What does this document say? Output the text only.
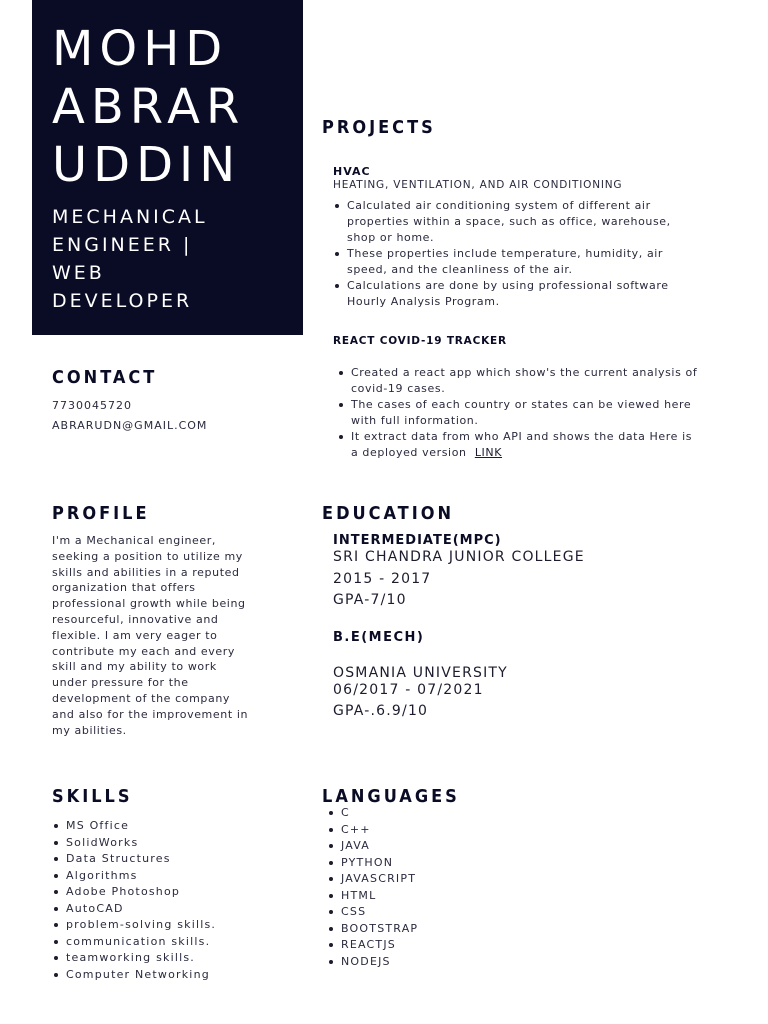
MOHD
ABRAR
UDDIN
MECHANICAL
ENGINEER |
WEB
DEVELOPER
CONTACT
7730045720
ABRARUDN@GMAIL.COM
PROFILE
I'm a Mechanical engineer, seeking a position to utilize my skills and abilities in a reputed organization that offers professional growth while being resourceful, innovative and flexible. I am very eager to contribute my each and every skill and my ability to work under pressure for the development of the company and also for the improvement in my abilities.
SKILLS
MS Office
SolidWorks
Data Structures
Algorithms
Adobe Photoshop
AutoCAD
problem-solving skills.
communication skills.
teamworking skills.
Computer Networking
PROJECTS
HVAC
HEATING, VENTILATION, AND AIR CONDITIONING
Calculated air conditioning system of different air properties within a space, such as office, warehouse, shop or home.
These properties include temperature, humidity, air speed, and the cleanliness of the air.
Calculations are done by using professional software Hourly Analysis Program.
REACT COVID-19 TRACKER
Created a react app which show's the current analysis of covid-19 cases.
The cases of each country or states can be viewed here with full information.
It extract data from who API and shows the data Here is a deployed version LINK
EDUCATION
INTERMEDIATE(MPC)
SRI CHANDRA JUNIOR COLLEGE
2015 - 2017
GPA-7/10
B.E(MECH)
OSMANIA UNIVERSITY
06/2017 - 07/2021
GPA-.6.9/10
LANGUAGES
C
C++
JAVA
PYTHON
JAVASCRIPT
HTML
CSS
BOOTSTRAP
REACTJS
NODEJS
